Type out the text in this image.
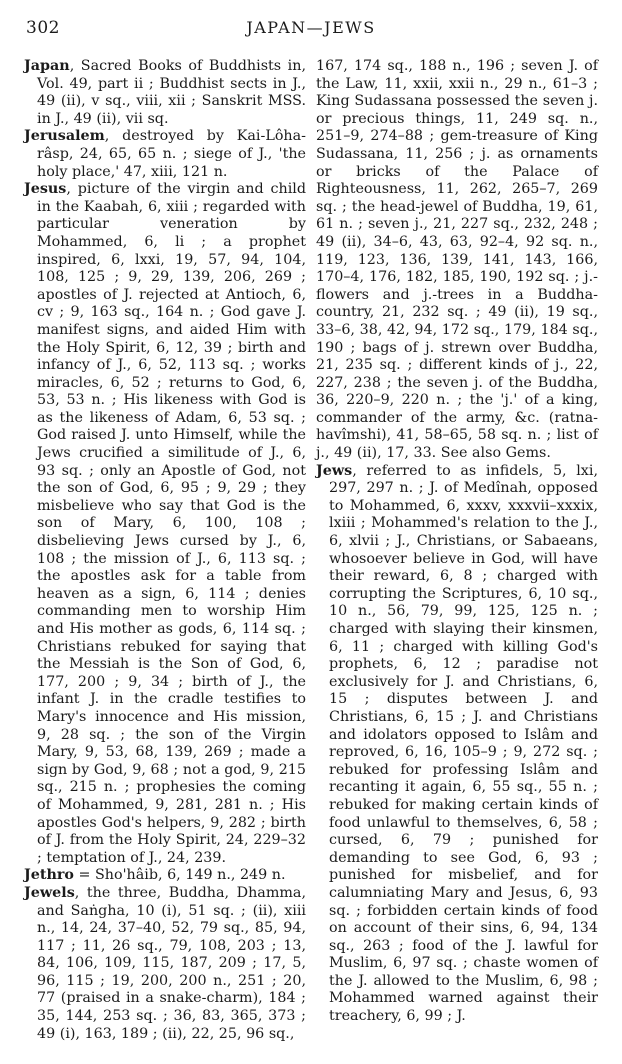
302	JAPAN—JEWS

Japan, Sacred Books of Buddhists in, Vol. 49, part ii ; Buddhist sects in J., 49 (ii), v sq., viii, xii ; Sanskrit MSS. in J., 49 (ii), vii sq.

Jerusalem, destroyed by Kai-Lôha-râsp, 24, 65, 65 n. ; siege of J., 'the holy place,' 47, xiii, 121 n.

Jesus, picture of the virgin and child in the Kaabah, 6, xiii ; regarded with particular veneration by Mohammed, 6, li ; a prophet inspired, 6, lxxi, 19, 57, 94, 104, 108, 125 ; 9, 29, 139, 206, 269 ; apostles of J. rejected at Antioch, 6, cv ; 9, 163 sq., 164 n. ; God gave J. manifest signs, and aided Him with the Holy Spirit, 6, 12, 39 ; birth and infancy of J., 6, 52, 113 sq. ; works miracles, 6, 52 ; returns to God, 6, 53, 53 n. ; His likeness with God is as the likeness of Adam, 6, 53 sq. ; God raised J. unto Himself, while the Jews crucified a similitude of J., 6, 93 sq. ; only an Apostle of God, not the son of God, 6, 95 ; 9, 29 ; they misbelieve who say that God is the son of Mary, 6, 100, 108 ; disbelieving Jews cursed by J., 6, 108 ; the mission of J., 6, 113 sq. ; the apostles ask for a table from heaven as a sign, 6, 114 ; denies commanding men to worship Him and His mother as gods, 6, 114 sq. ; Christians rebuked for saying that the Messiah is the Son of God, 6, 177, 200 ; 9, 34 ; birth of J., the infant J. in the cradle testifies to Mary's innocence and His mission, 9, 28 sq. ; the son of the Virgin Mary, 9, 53, 68, 139, 269 ; made a sign by God, 9, 68 ; not a god, 9, 215 sq., 215 n. ; prophesies the coming of Mohammed, 9, 281, 281 n. ; His apostles God's helpers, 9, 282 ; birth of J. from the Holy Spirit, 24, 229–32 ; temptation of J., 24, 239.

Jethro = Sho'hâib, 6, 149 n., 249 n.

Jewels, the three, Buddha, Dhamma, and Saṅgha, 10 (i), 51 sq. ; (ii), xiii n., 14, 24, 37–40, 52, 79 sq., 85, 94, 117 ; 11, 26 sq., 79, 108, 203 ; 13, 84, 106, 109, 115, 187, 209 ; 17, 5, 96, 115 ; 19, 200, 200 n., 251 ; 20, 77 (praised in a snake-charm), 184 ; 35, 144, 253 sq. ; 36, 83, 365, 373 ; 49 (i), 163, 189 ; (ii), 22, 25, 96 sq.,

167, 174 sq., 188 n., 196 ; seven J. of the Law, 11, xxii, xxii n., 29 n., 61–3 ; King Sudassana possessed the seven j. or precious things, 11, 249 sq. n., 251–9, 274–88 ; gem-treasure of King Sudassana, 11, 256 ; j. as ornaments or bricks of the Palace of Righteousness, 11, 262, 265–7, 269 sq. ; the head-jewel of Buddha, 19, 61, 61 n. ; seven j., 21, 227 sq., 232, 248 ; 49 (ii), 34–6, 43, 63, 92–4, 92 sq. n., 119, 123, 136, 139, 141, 143, 166, 170–4, 176, 182, 185, 190, 192 sq. ; j.-flowers and j.-trees in a Buddha-country, 21, 232 sq. ; 49 (ii), 19 sq., 33–6, 38, 42, 94, 172 sq., 179, 184 sq., 190 ; bags of j. strewn over Buddha, 21, 235 sq. ; different kinds of j., 22, 227, 238 ; the seven j. of the Buddha, 36, 220–9, 220 n. ; the 'j.' of a king, commander of the army, &c. (ratna-havîmshi), 41, 58–65, 58 sq. n. ; list of j., 49 (ii), 17, 33. See also Gems.

Jews, referred to as infidels, 5, lxi, 297, 297 n. ; J. of Medînah, opposed to Mohammed, 6, xxxv, xxxvii–xxxix, lxiii ; Mohammed's relation to the J., 6, xlvii ; J., Christians, or Sabaeans, whosoever believe in God, will have their reward, 6, 8 ; charged with corrupting the Scriptures, 6, 10 sq., 10 n., 56, 79, 99, 125, 125 n. ; charged with slaying their kinsmen, 6, 11 ; charged with killing God's prophets, 6, 12 ; paradise not exclusively for J. and Christians, 6, 15 ; disputes between J. and Christians, 6, 15 ; J. and Christians and idolators opposed to Islâm and reproved, 6, 16, 105–9 ; 9, 272 sq. ; rebuked for professing Islâm and recanting it again, 6, 55 sq., 55 n. ; rebuked for making certain kinds of food unlawful to themselves, 6, 58 ; cursed, 6, 79 ; punished for demanding to see God, 6, 93 ; punished for misbelief, and for calumniating Mary and Jesus, 6, 93 sq. ; forbidden certain kinds of food on account of their sins, 6, 94, 134 sq., 263 ; food of the J. lawful for Muslim, 6, 97 sq. ; chaste women of the J. allowed to the Muslim, 6, 98 ; Mohammed warned against their treachery, 6, 99 ; J.
